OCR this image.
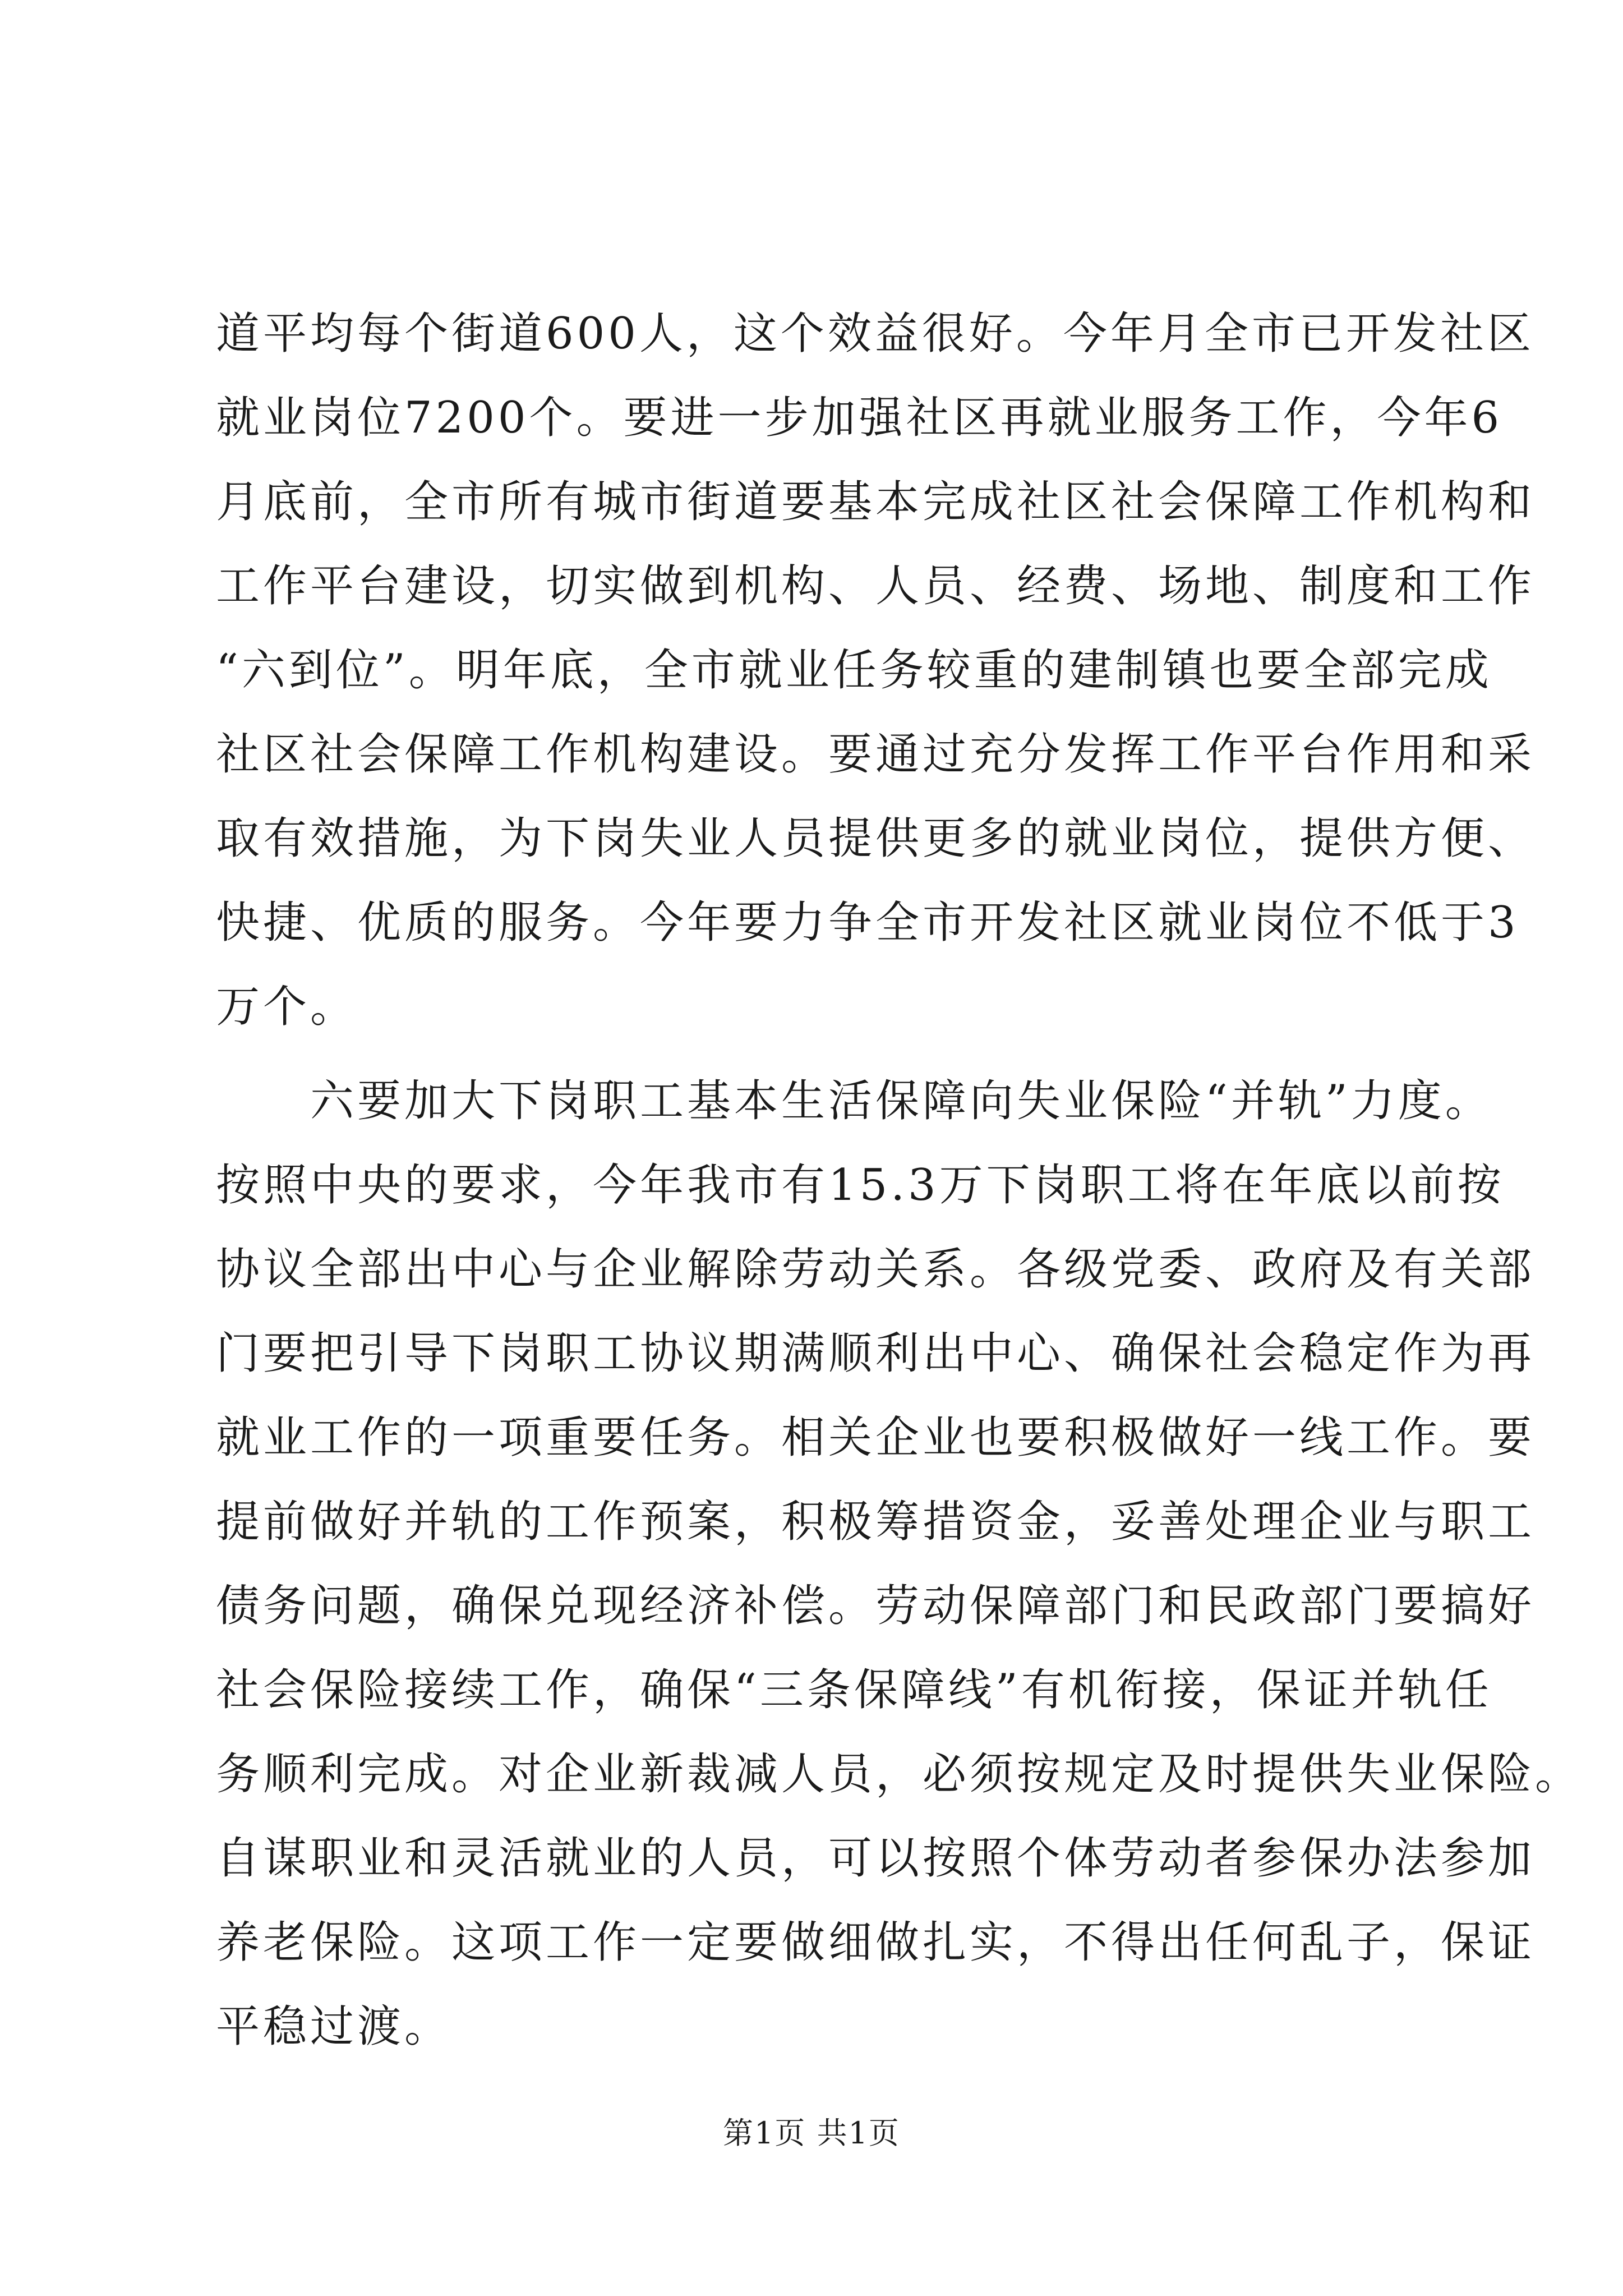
道平均每个街道600人，这个效益很好。今年月全市已开发社区
就业岗位7200个。要进一步加强社区再就业服务工作，今年6
月底前，全市所有城市街道要基本完成社区社会保障工作机构和
工作平台建设，切实做到机构、人员、经费、场地、制度和工作
“六到位”。明年底，全市就业任务较重的建制镇也要全部完成
社区社会保障工作机构建设。要通过充分发挥工作平台作用和采
取有效措施，为下岗失业人员提供更多的就业岗位，提供方便、
快捷、优质的服务。今年要力争全市开发社区就业岗位不低于3
万个。
　　六要加大下岗职工基本生活保障向失业保险“并轨”力度。
按照中央的要求，今年我市有15.3万下岗职工将在年底以前按
协议全部出中心与企业解除劳动关系。各级党委、政府及有关部
门要把引导下岗职工协议期满顺利出中心、确保社会稳定作为再
就业工作的一项重要任务。相关企业也要积极做好一线工作。要
提前做好并轨的工作预案，积极筹措资金，妥善处理企业与职工
债务问题，确保兑现经济补偿。劳动保障部门和民政部门要搞好
社会保险接续工作，确保“三条保障线”有机衔接，保证并轨任
务顺利完成。对企业新裁减人员，必须按规定及时提供失业保险。
自谋职业和灵活就业的人员，可以按照个体劳动者参保办法参加
养老保险。这项工作一定要做细做扎实，不得出任何乱子，保证
平稳过渡。
第1页 共1页
